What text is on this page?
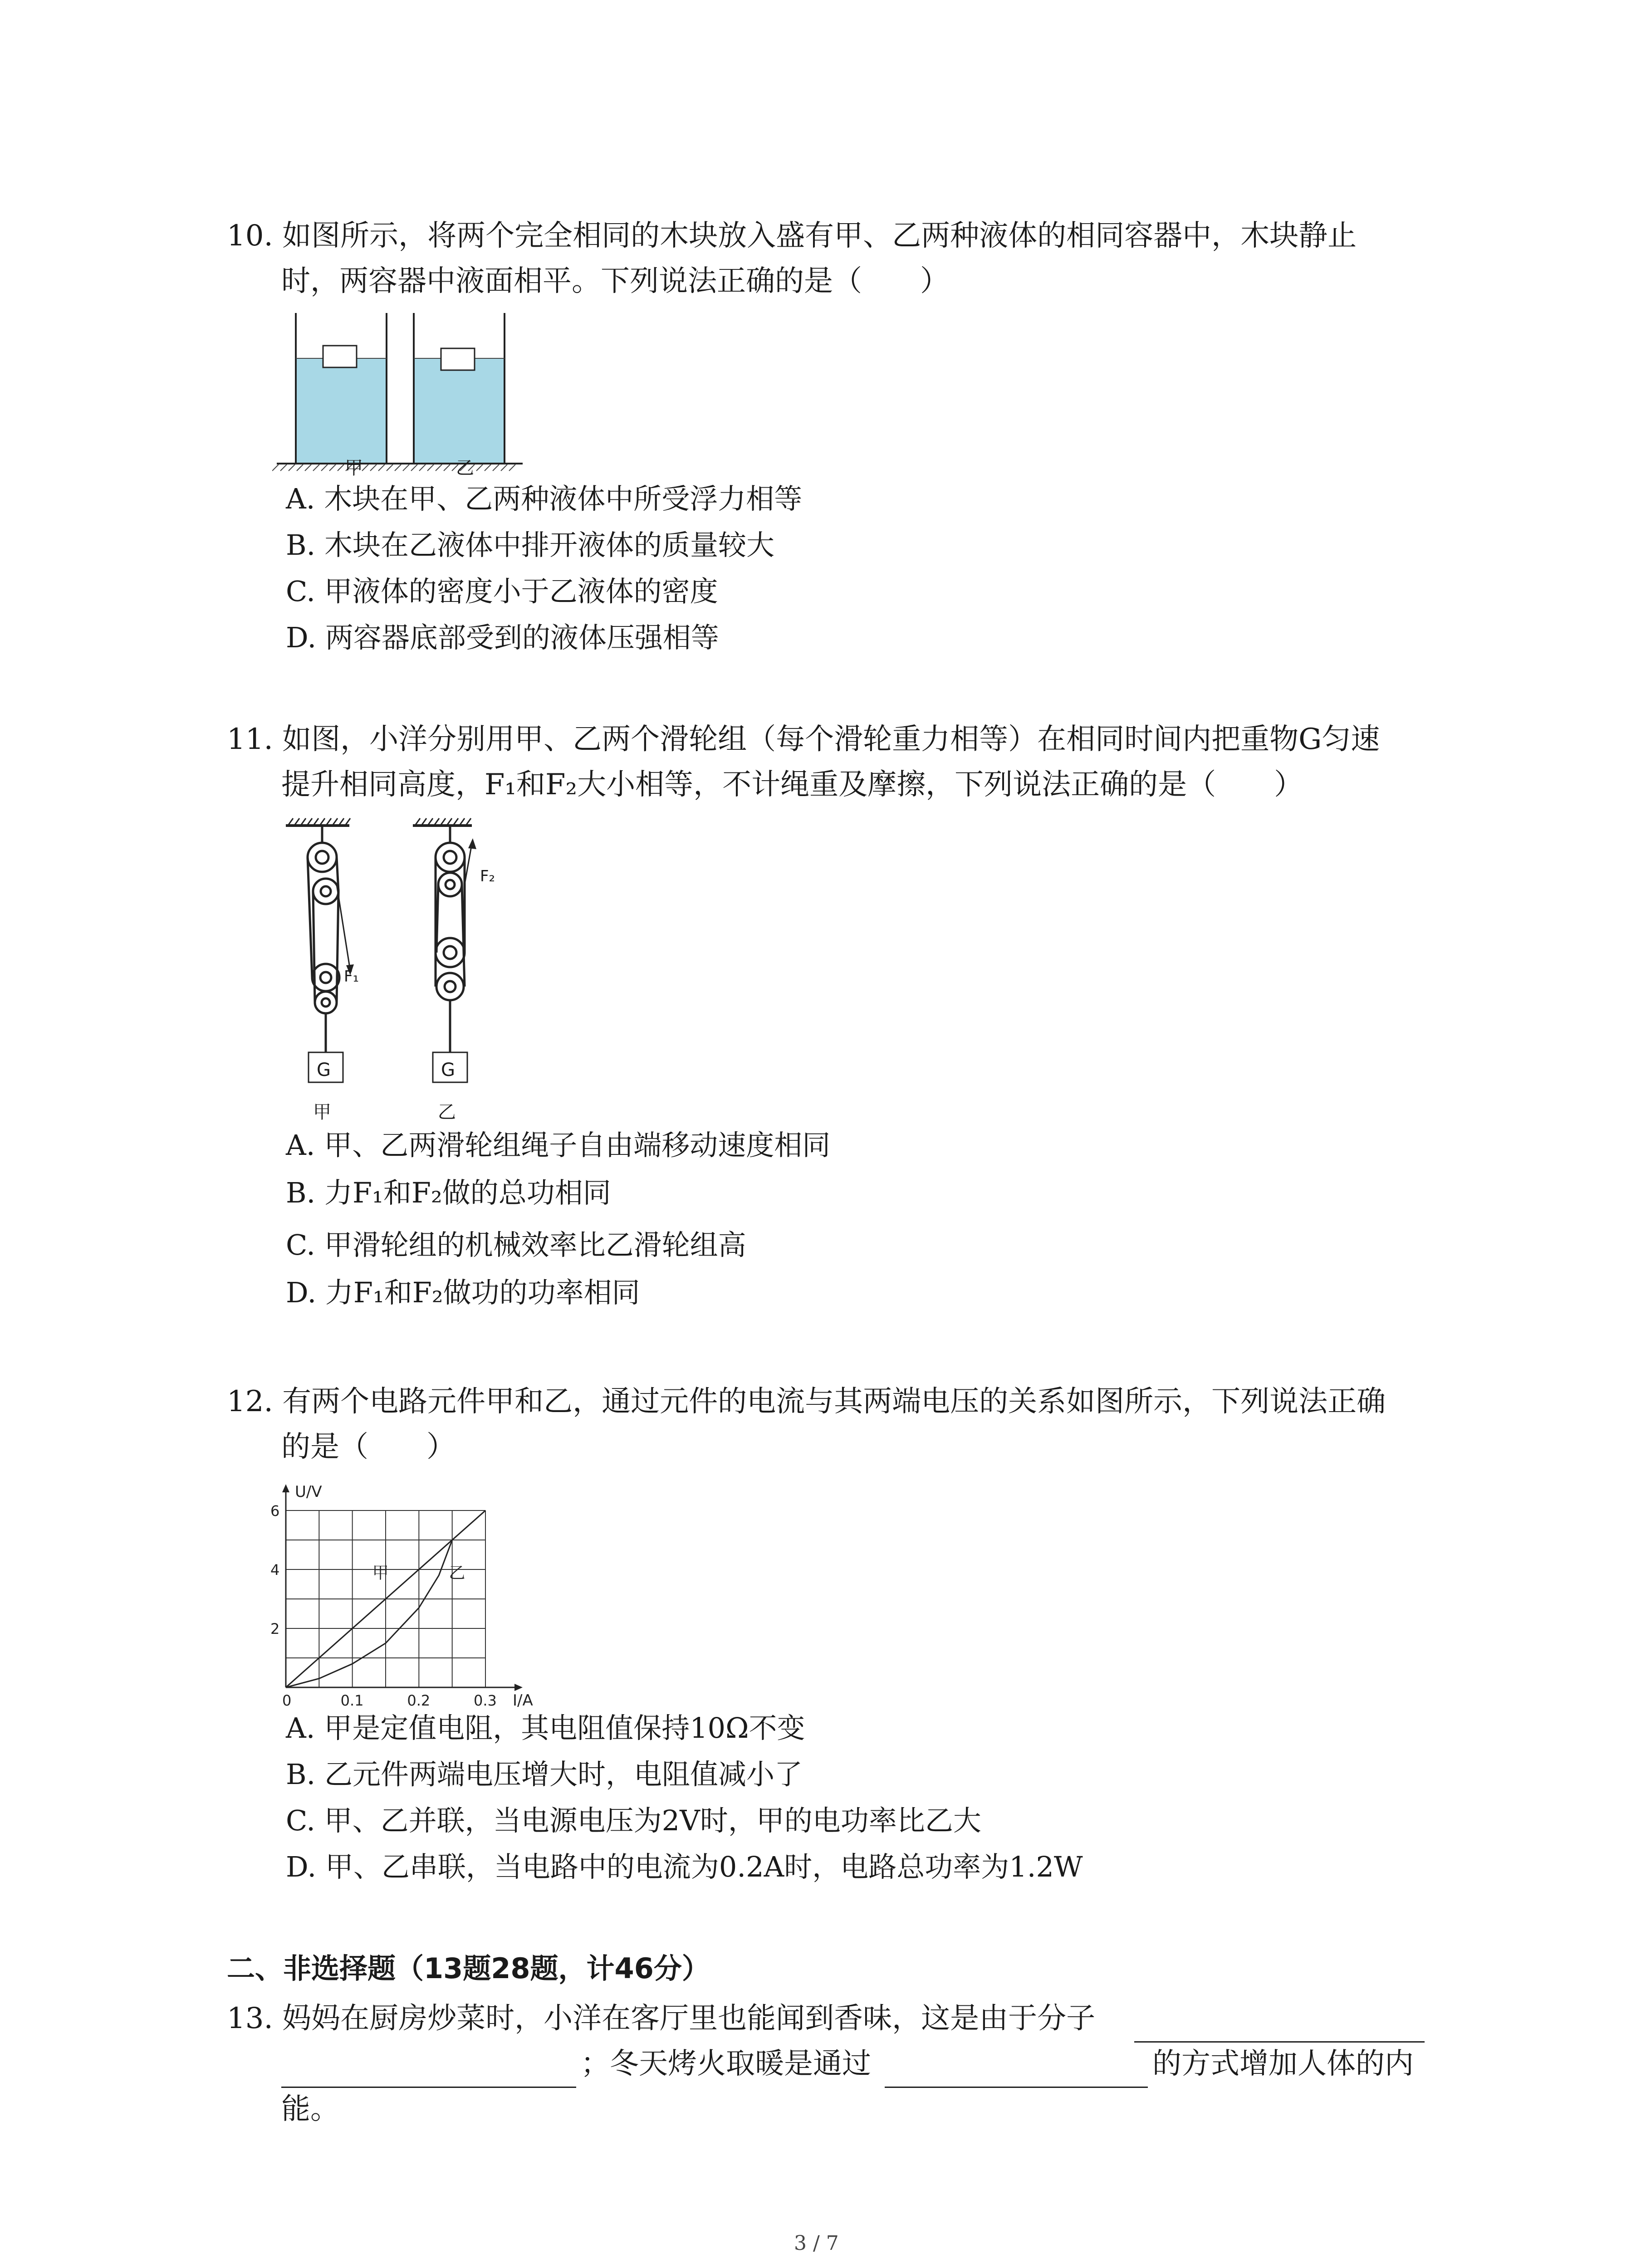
10. 如图所示，将两个完全相同的木块放入盛有甲、乙两种液体的相同容器中，木块静止
时，两容器中液面相平。下列说法正确的是（　　）
甲	乙
A. 木块在甲、乙两种液体中所受浮力相等
B. 木块在乙液体中排开液体的质量较大
C. 甲液体的密度小于乙液体的密度
D. 两容器底部受到的液体压强相等
11. 如图，小洋分别用甲、乙两个滑轮组（每个滑轮重力相等）在相同时间内把重物G匀速
提升相同高度，F₁和F₂大小相等，不计绳重及摩擦，下列说法正确的是（　　）
F₁
F₂
G	G
甲	乙
A. 甲、乙两滑轮组绳子自由端移动速度相同
B. 力F₁和F₂做的总功相同
C. 甲滑轮组的机械效率比乙滑轮组高
D. 力F₁和F₂做功的功率相同
12. 有两个电路元件甲和乙，通过元件的电流与其两端电压的关系如图所示，下列说法正确
的是（　　）
甲	乙
I/A
U/V
0	0.1	0.2	0.3
2
4
6
A. 甲是定值电阻，其电阻值保持10Ω不变
B. 乙元件两端电压增大时，电阻值减小了
C. 甲、乙并联，当电源电压为2V时，甲的电功率比乙大
D. 甲、乙串联，当电路中的电流为0.2A时，电路总功率为1.2W
二、非选择题（13题28题，计46分）
13. 妈妈在厨房炒菜时，小洋在客厅里也能闻到香味，这是由于分子
；冬天烤火取暖是通过	的方式增加人体的内
能。
3 / 7
